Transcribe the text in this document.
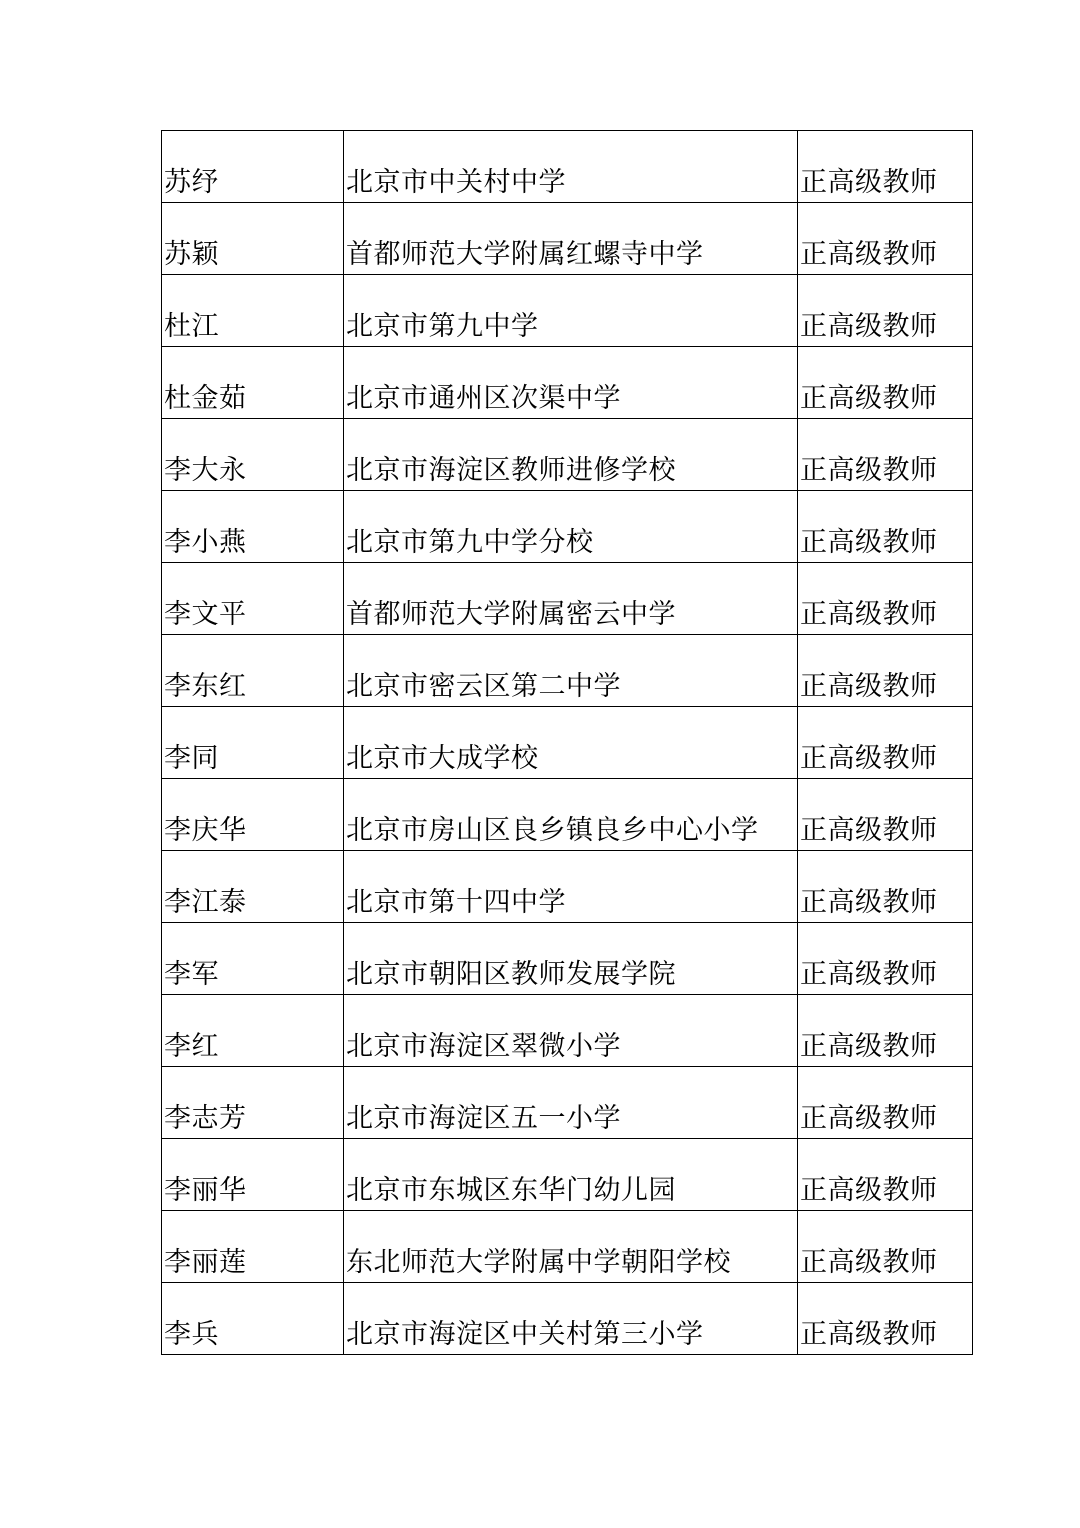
苏纾	北京市中关村中学	正高级教师

苏颖	首都师范大学附属红螺寺中学	正高级教师

杜江	北京市第九中学	正高级教师

杜金茹	北京市通州区次渠中学	正高级教师

李大永	北京市海淀区教师进修学校	正高级教师

李小燕	北京市第九中学分校	正高级教师

李文平	首都师范大学附属密云中学	正高级教师

李东红	北京市密云区第二中学	正高级教师

李同	北京市大成学校	正高级教师

李庆华	北京市房山区良乡镇良乡中心小学	正高级教师

李江泰	北京市第十四中学	正高级教师

李军	北京市朝阳区教师发展学院	正高级教师

李红	北京市海淀区翠微小学	正高级教师

李志芳	北京市海淀区五一小学	正高级教师

李丽华	北京市东城区东华门幼儿园	正高级教师

李丽莲	东北师范大学附属中学朝阳学校	正高级教师

李兵	北京市海淀区中关村第三小学	正高级教师
